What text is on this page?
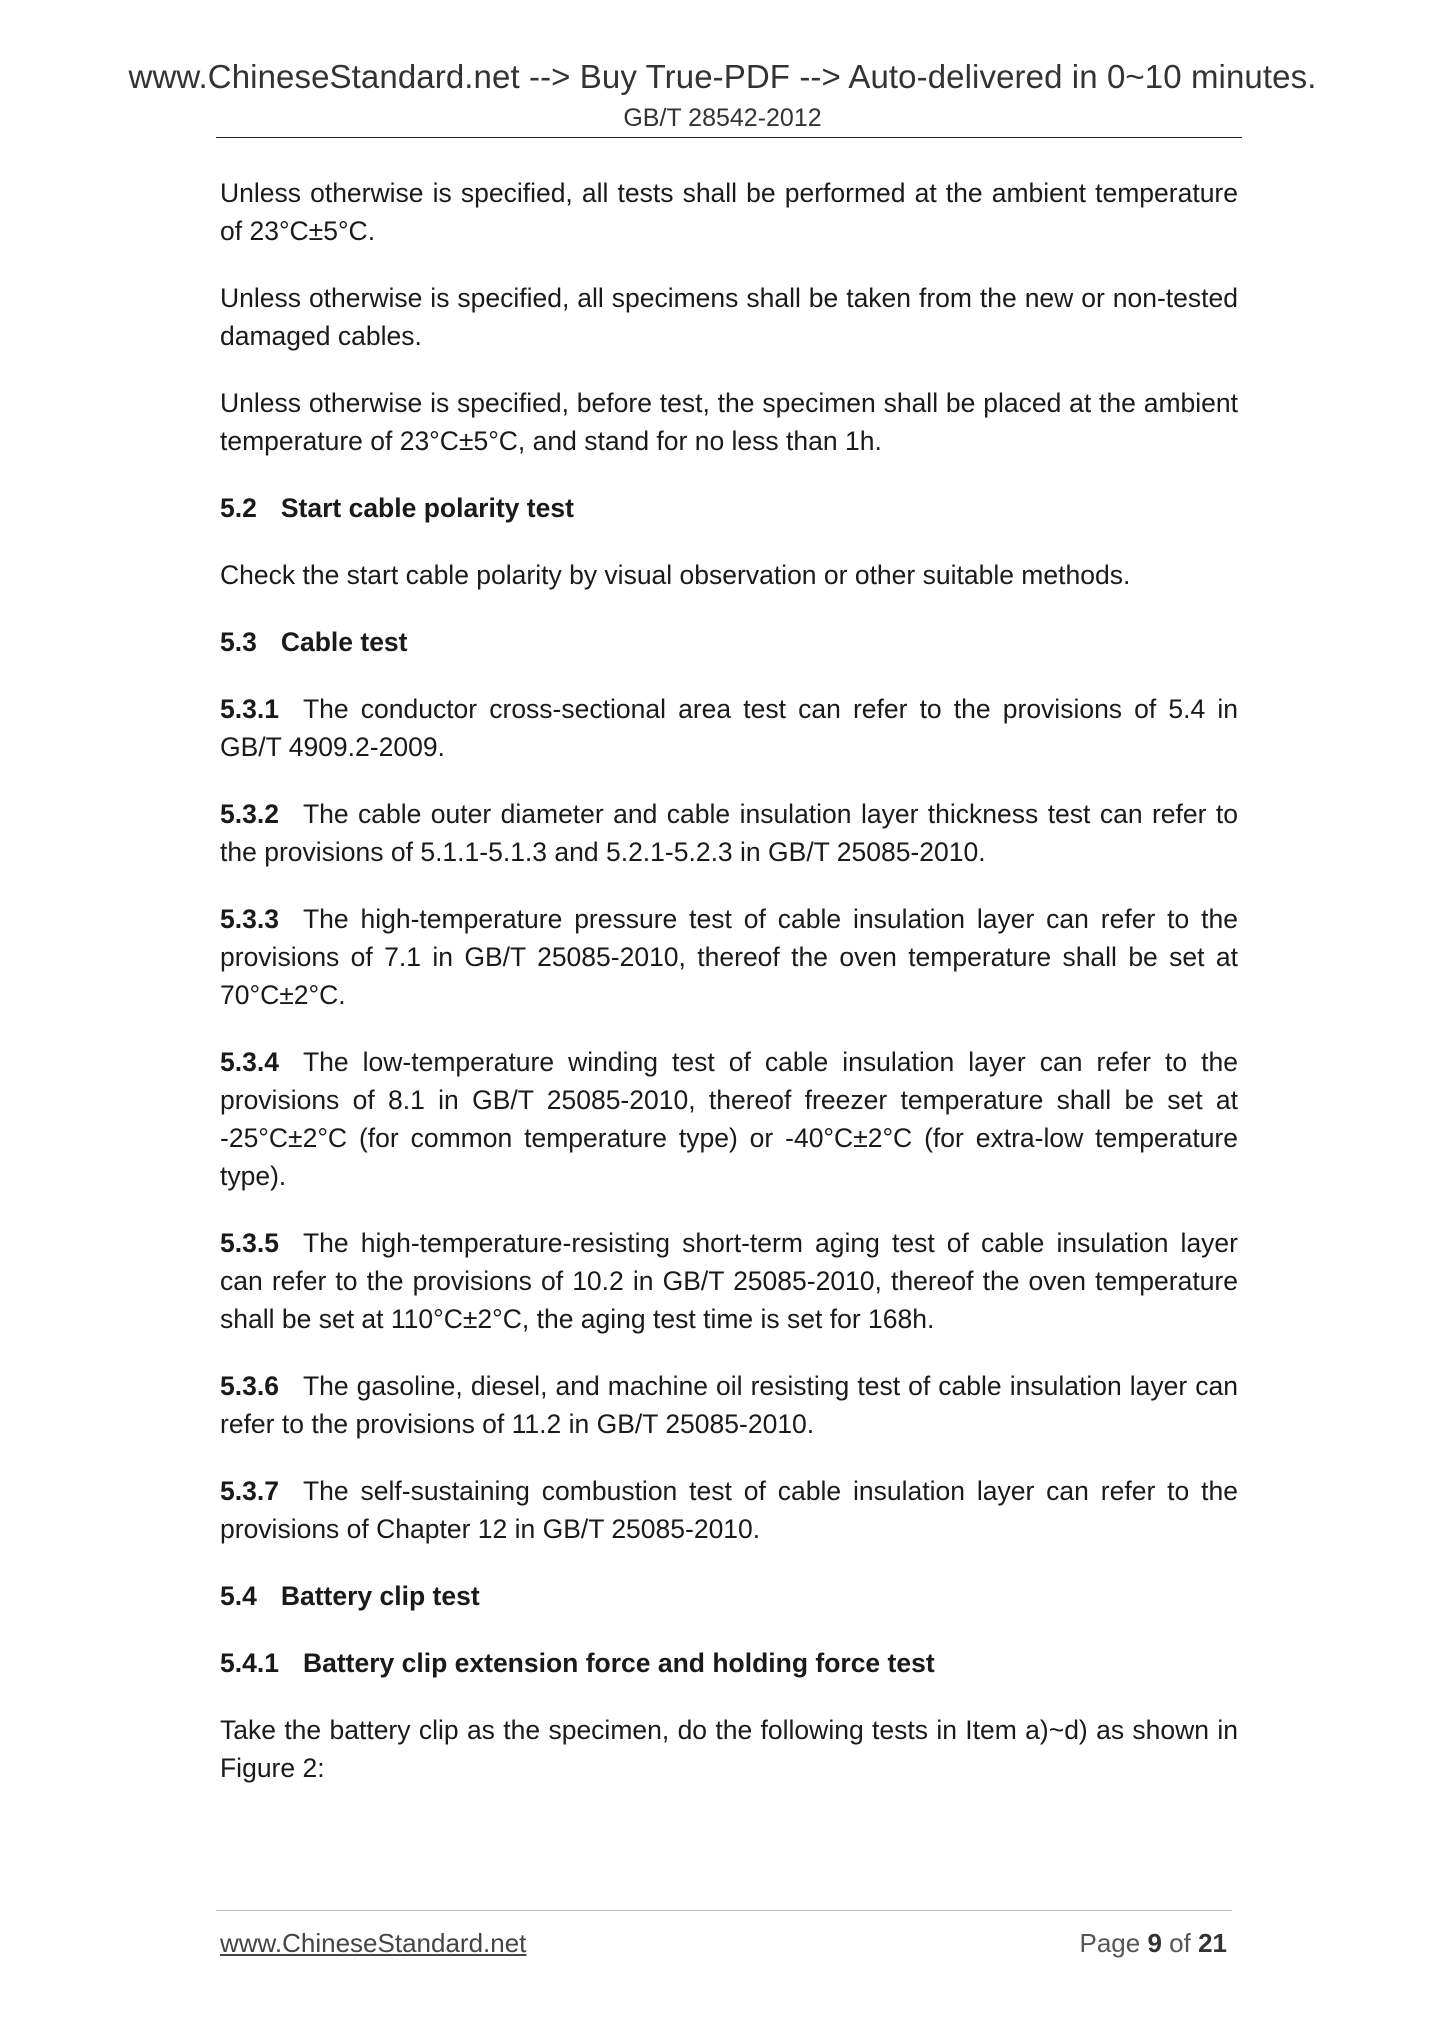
www.ChineseStandard.net --> Buy True-PDF --> Auto-delivered in 0~10 minutes.
GB/T 28542-2012

Unless otherwise is specified, all tests shall be performed at the ambient temperature of 23°C±5°C.

Unless otherwise is specified, all specimens shall be taken from the new or non-tested damaged cables.

Unless otherwise is specified, before test, the specimen shall be placed at the ambient temperature of 23°C±5°C, and stand for no less than 1h.

5.2 Start cable polarity test

Check the start cable polarity by visual observation or other suitable methods.

5.3 Cable test

5.3.1 The conductor cross-sectional area test can refer to the provisions of 5.4 in GB/T 4909.2-2009.

5.3.2 The cable outer diameter and cable insulation layer thickness test can refer to the provisions of 5.1.1-5.1.3 and 5.2.1-5.2.3 in GB/T 25085-2010.

5.3.3 The high-temperature pressure test of cable insulation layer can refer to the provisions of 7.1 in GB/T 25085-2010, thereof the oven temperature shall be set at 70°C±2°C.

5.3.4 The low-temperature winding test of cable insulation layer can refer to the provisions of 8.1 in GB/T 25085-2010, thereof freezer temperature shall be set at -25°C±2°C (for common temperature type) or -40°C±2°C (for extra-low temperature type).

5.3.5 The high-temperature-resisting short-term aging test of cable insulation layer can refer to the provisions of 10.2 in GB/T 25085-2010, thereof the oven temperature shall be set at 110°C±2°C, the aging test time is set for 168h.

5.3.6 The gasoline, diesel, and machine oil resisting test of cable insulation layer can refer to the provisions of 11.2 in GB/T 25085-2010.

5.3.7 The self-sustaining combustion test of cable insulation layer can refer to the provisions of Chapter 12 in GB/T 25085-2010.

5.4 Battery clip test
5.4.1 Battery clip extension force and holding force test

Take the battery clip as the specimen, do the following tests in Item a)~d) as shown in Figure 2:

www.ChineseStandard.net	Page 9 of 21
